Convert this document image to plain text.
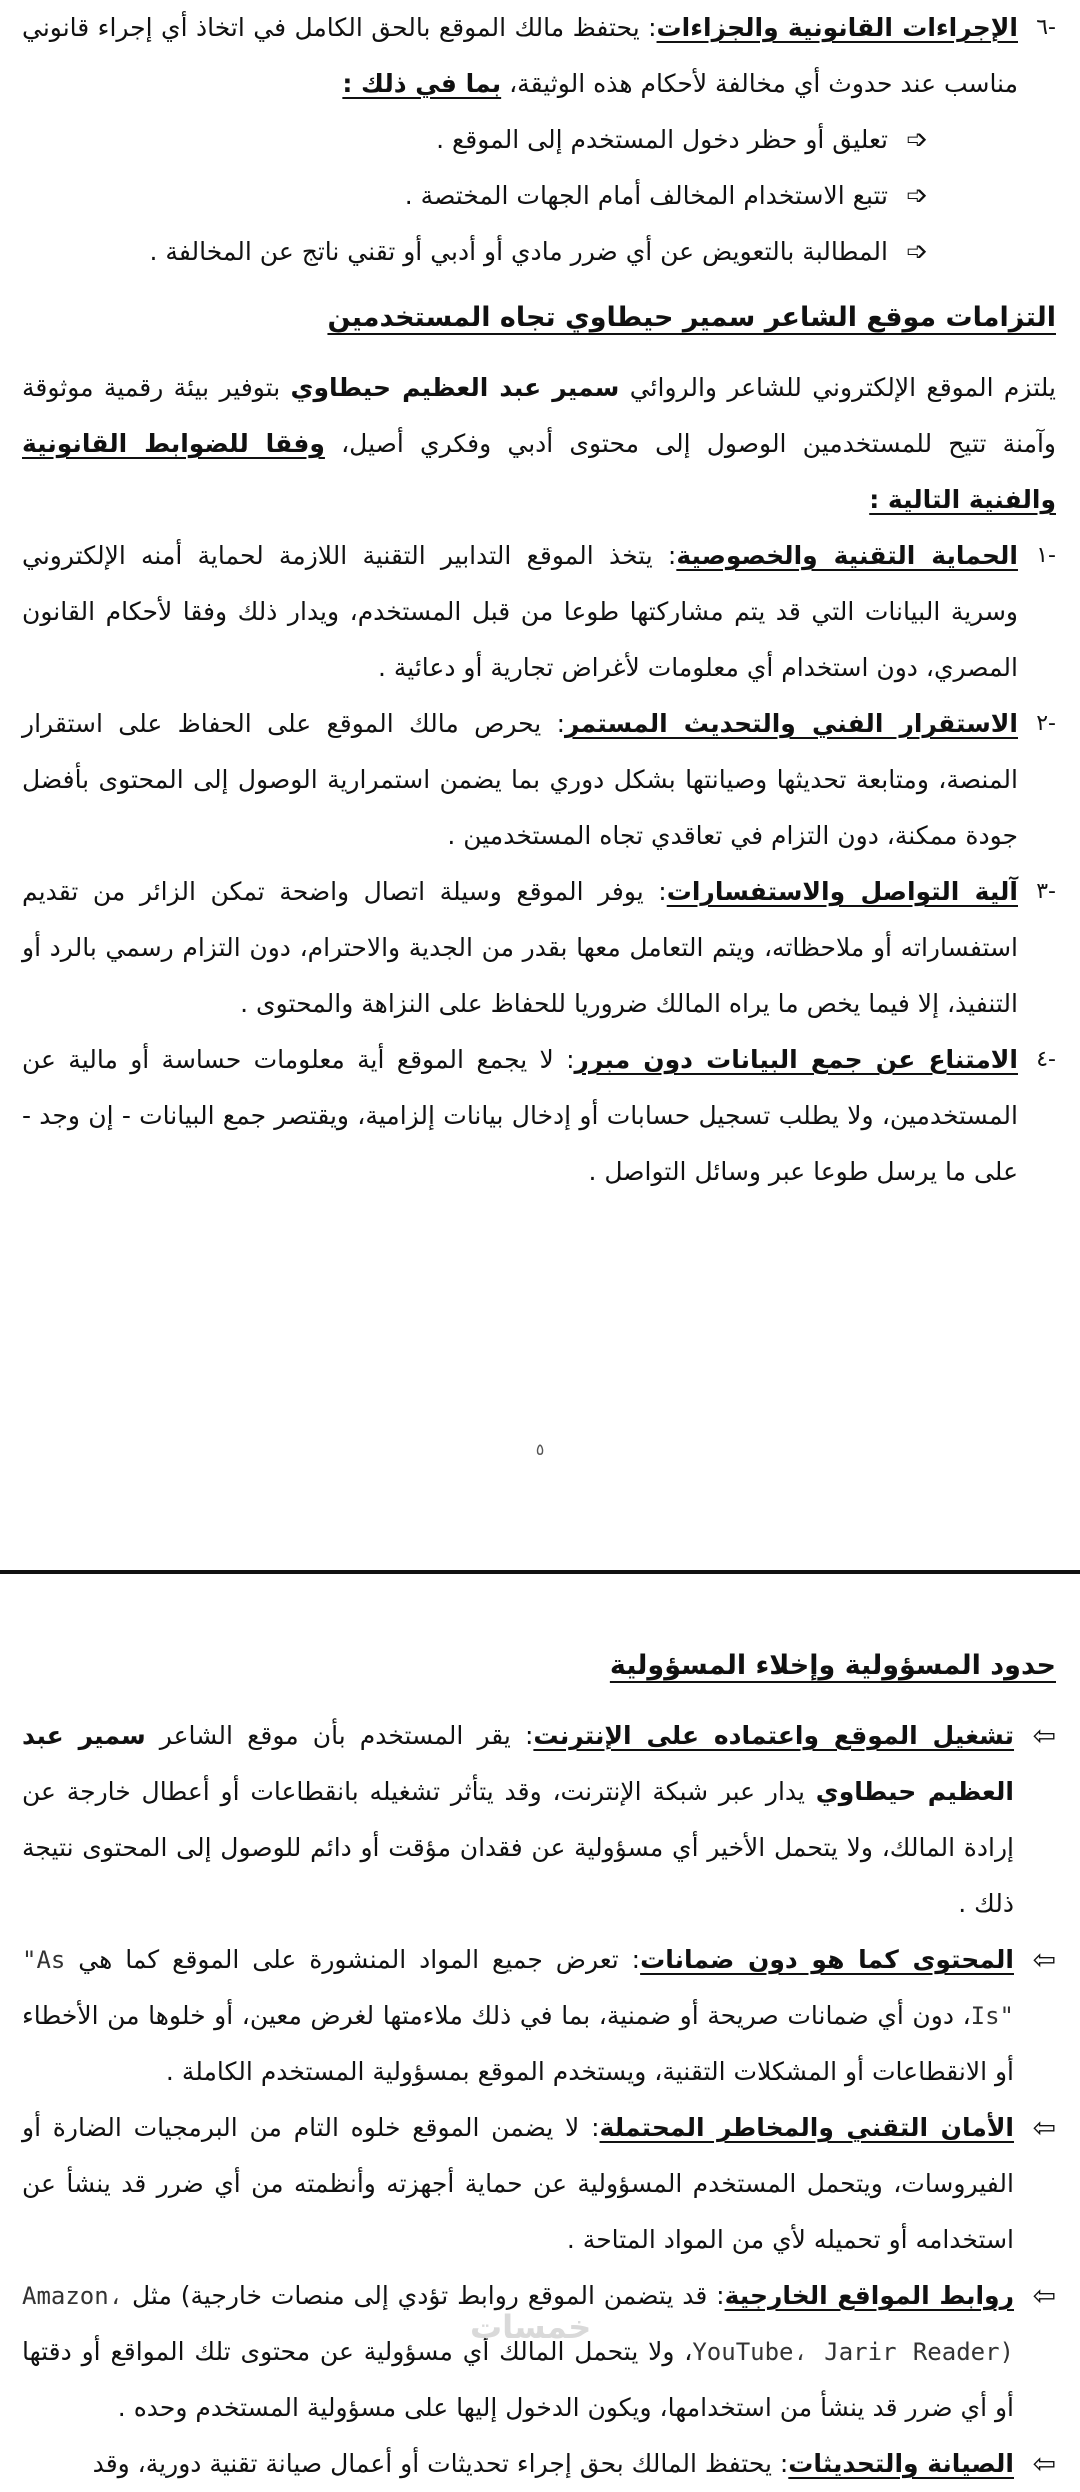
-٦

الإجراءات القانونية والجزاءات: يحتفظ مالك الموقع بالحق الكامل في اتخاذ أي إجراء قانوني مناسب عند حدوث أي مخالفة لأحكام هذه الوثيقة، بما في ذلك :

➩

تعليق أو حظر دخول المستخدم إلى الموقع .

➩

تتبع الاستخدام المخالف أمام الجهات المختصة .

➩

المطالبة بالتعويض عن أي ضرر مادي أو أدبي أو تقني ناتج عن المخالفة .

التزامات موقع الشاعر سمير حيطاوي تجاه المستخدمين

يلتزم الموقع الإلكتروني للشاعر والروائي سمير عبد العظيم حيطاوي بتوفير بيئة رقمية موثوقة وآمنة تتيح للمستخدمين الوصول إلى محتوى أدبي وفكري أصيل، وفقا للضوابط القانونية والفنية التالية :

-١

الحماية التقنية والخصوصية: يتخذ الموقع التدابير التقنية اللازمة لحماية أمنه الإلكتروني وسرية البيانات التي قد يتم مشاركتها طوعا من قبل المستخدم، ويدار ذلك وفقا لأحكام القانون المصري، دون استخدام أي معلومات لأغراض تجارية أو دعائية .

-٢

الاستقرار الفني والتحديث المستمر: يحرص مالك الموقع على الحفاظ على استقرار المنصة، ومتابعة تحديثها وصيانتها بشكل دوري بما يضمن استمرارية الوصول إلى المحتوى بأفضل جودة ممكنة، دون التزام في تعاقدي تجاه المستخدمين .

-٣

آلية التواصل والاستفسارات: يوفر الموقع وسيلة اتصال واضحة تمكن الزائر من تقديم استفساراته أو ملاحظاته، ويتم التعامل معها بقدر من الجدية والاحترام، دون التزام رسمي بالرد أو التنفيذ، إلا فيما يخص ما يراه المالك ضروريا للحفاظ على النزاهة والمحتوى .

-٤

الامتناع عن جمع البيانات دون مبرر: لا يجمع الموقع أية معلومات حساسة أو مالية عن المستخدمين، ولا يطلب تسجيل حسابات أو إدخال بيانات إلزامية، ويقتصر جمع البيانات - إن وجد - على ما يرسل طوعا عبر وسائل التواصل .

٥
حدود المسؤولية وإخلاء المسؤولية
⇦

تشغيل الموقع واعتماده على الإنترنت: يقر المستخدم بأن موقع الشاعر سمير عبد العظيم حيطاوي يدار عبر شبكة الإنترنت، وقد يتأثر تشغيله بانقطاعات أو أعطال خارجة عن إرادة المالك، ولا يتحمل الأخير أي مسؤولية عن فقدان مؤقت أو دائم للوصول إلى المحتوى نتيجة ذلك .

⇦

المحتوى كما هو دون ضمانات: تعرض جميع المواد المنشورة على الموقع كما هي "As Is"، دون أي ضمانات صريحة أو ضمنية، بما في ذلك ملاءمتها لغرض معين، أو خلوها من الأخطاء أو الانقطاعات أو المشكلات التقنية، ويستخدم الموقع بمسؤولية المستخدم الكاملة .

⇦

الأمان التقني والمخاطر المحتملة: لا يضمن الموقع خلوه التام من البرمجيات الضارة أو الفيروسات، ويتحمل المستخدم المسؤولية عن حماية أجهزته وأنظمته من أي ضرر قد ينشأ عن استخدامه أو تحميله لأي من المواد المتاحة .

⇦

روابط المواقع الخارجية: قد يتضمن الموقع روابط تؤدي إلى منصات خارجية) مثل Amazon، YouTube، Jarir Reader)، ولا يتحمل المالك أي مسؤولية عن محتوى تلك المواقع أو دقتها أو أي ضرر قد ينشأ من استخدامها، ويكون الدخول إليها على مسؤولية المستخدم وحده .

⇦

الصيانة والتحديثات: يحتفظ المالك بحق إجراء تحديثات أو أعمال صيانة تقنية دورية، وقد

خمسات
